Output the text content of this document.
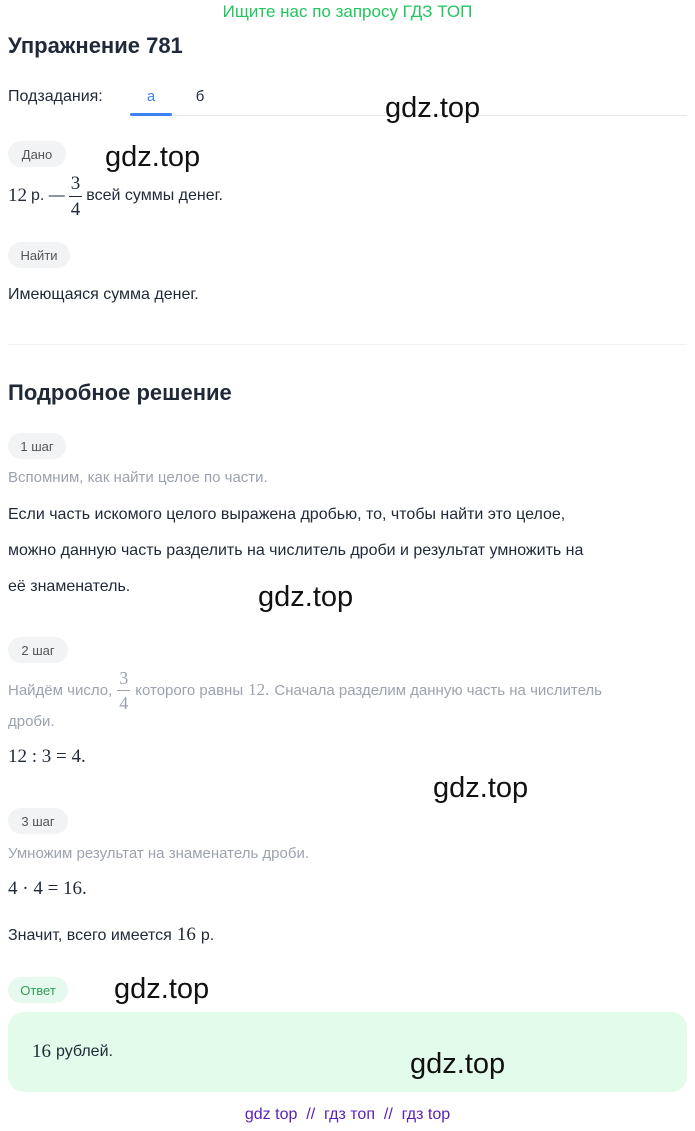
Ищите нас по запросу ГДЗ ТОП
Упражнение 781
Подзадания:	а	б
Дано
12 р. — $\frac{3}{4}$ всей суммы денег.
Найти
Имеющаяся сумма денег.
Подробное решение
1 шаг
Вспомним, как найти целое по части.
Если часть искомого целого выражена дробью, то, чтобы найти это целое,
можно данную часть разделить на числитель дроби и результат умножить на
её знаменатель.
2 шаг
Найдём число, $\frac{3}{4}$ которого равны 12. Сначала разделим данную часть на числитель
дроби.
12 : 3 = 4.
3 шаг
Умножим результат на знаменатель дроби.
4 · 4 = 16.
Значит, всего имеется 16 р.
Ответ
16 рублей.
gdz.top
gdz.top
gdz.top
gdz.top
gdz.top
gdz.top
gdz top  //  гдз топ  //  гдз top
